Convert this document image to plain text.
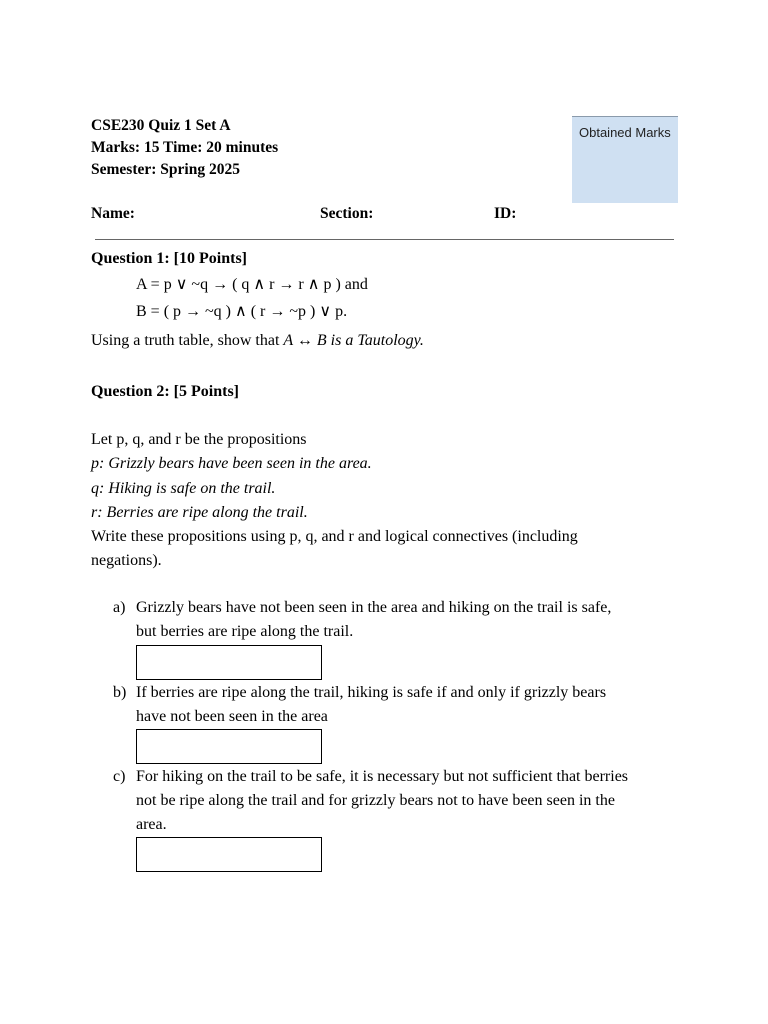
CSE230 Quiz 1 Set A
Marks: 15 Time: 20 minutes
Semester: Spring 2025
Obtained Marks
Name:	Section:	ID:
Question 1: [10 Points]
A = p ∨ ~q → ( q ∧ r → r ∧ p ) and
B = ( p → ~q ) ∧ ( r → ~p ) ∨ p.
Using a truth table, show that A ↔ B is a Tautology.
Question 2: [5 Points]
Let p, q, and r be the propositions
p: Grizzly bears have been seen in the area.
q: Hiking is safe on the trail.
r: Berries are ripe along the trail.
Write these propositions using p, q, and r and logical connectives (including
negations).
a) Grizzly bears have not been seen in the area and hiking on the trail is safe,
but berries are ripe along the trail.
b) If berries are ripe along the trail, hiking is safe if and only if grizzly bears
have not been seen in the area
c) For hiking on the trail to be safe, it is necessary but not sufficient that berries
not be ripe along the trail and for grizzly bears not to have been seen in the
area.
